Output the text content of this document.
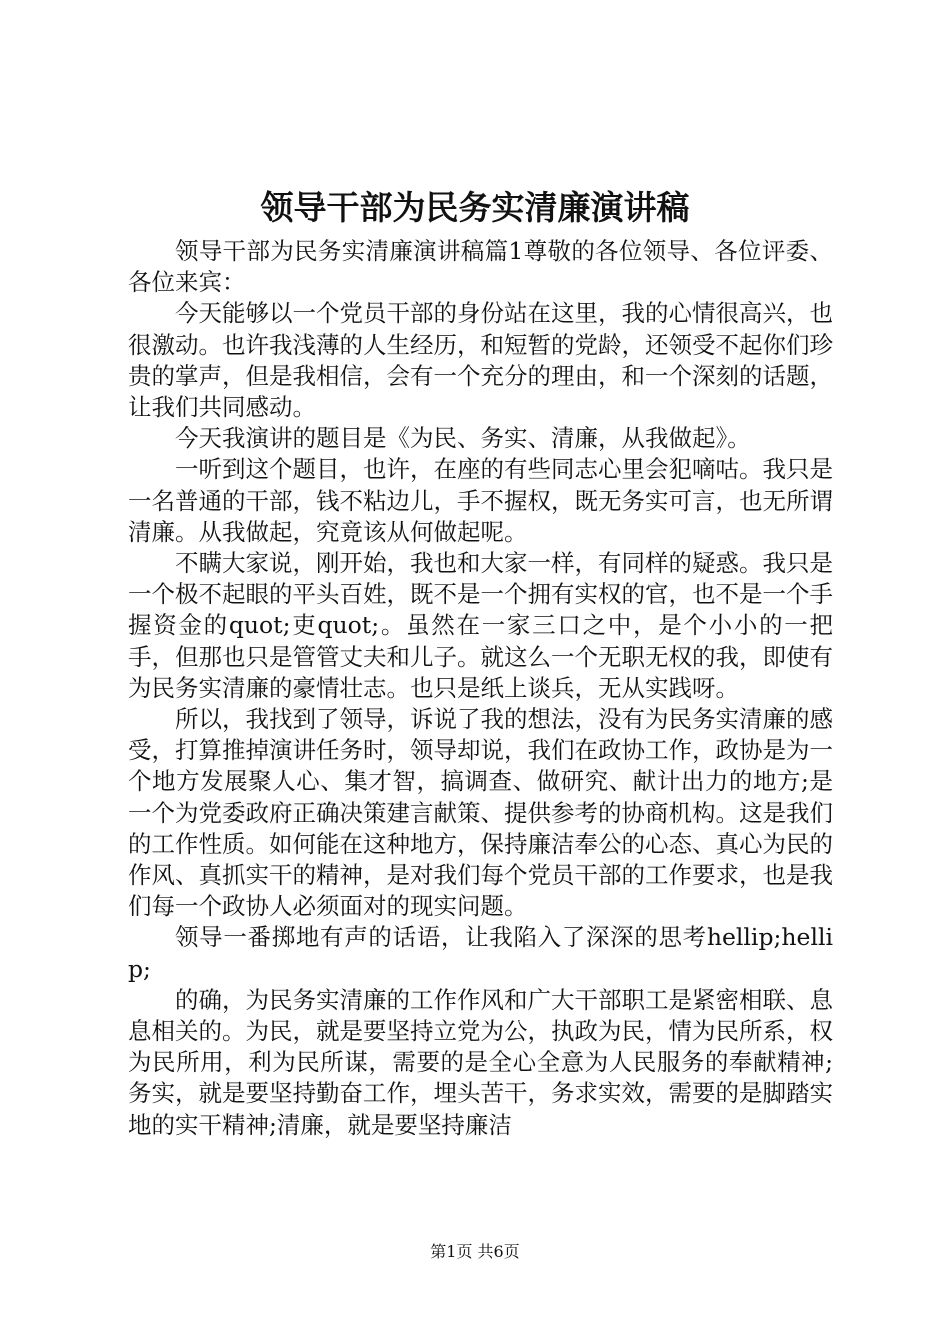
领导干部为民务实清廉演讲稿

领导干部为民务实清廉演讲稿篇1尊敬的各位领导、各位评委、各位来宾：

今天能够以一个党员干部的身份站在这里，我的心情很高兴，也很激动。也许我浅薄的人生经历，和短暂的党龄，还领受不起你们珍贵的掌声，但是我相信，会有一个充分的理由，和一个深刻的话题，让我们共同感动。

今天我演讲的题目是《为民、务实、清廉，从我做起》。

一听到这个题目，也许，在座的有些同志心里会犯嘀咕。我只是一名普通的干部，钱不粘边儿，手不握权，既无务实可言，也无所谓清廉。从我做起，究竟该从何做起呢。

不瞒大家说，刚开始，我也和大家一样，有同样的疑惑。我只是一个极不起眼的平头百姓，既不是一个拥有实权的官，也不是一个手握资金的quot;吏quot;。虽然在一家三口之中，是个小小的一把手，但那也只是管管丈夫和儿子。就这么一个无职无权的我，即使有为民务实清廉的豪情壮志。也只是纸上谈兵，无从实践呀。

所以，我找到了领导，诉说了我的想法，没有为民务实清廉的感受，打算推掉演讲任务时，领导却说，我们在政协工作，政协是为一个地方发展聚人心、集才智，搞调查、做研究、献计出力的地方;是一个为党委政府正确决策建言献策、提供参考的协商机构。这是我们的工作性质。如何能在这种地方，保持廉洁奉公的心态、真心为民的作风、真抓实干的精神，是对我们每个党员干部的工作要求，也是我们每一个政协人必须面对的现实问题。

领导一番掷地有声的话语，让我陷入了深深的思考hellip;hellip;

的确，为民务实清廉的工作作风和广大干部职工是紧密相联、息息相关的。为民，就是要坚持立党为公，执政为民，情为民所系，权为民所用，利为民所谋，需要的是全心全意为人民服务的奉献精神;务实，就是要坚持勤奋工作，埋头苦干，务求实效，需要的是脚踏实地的实干精神;清廉，就是要坚持廉洁

第1页 共6页
